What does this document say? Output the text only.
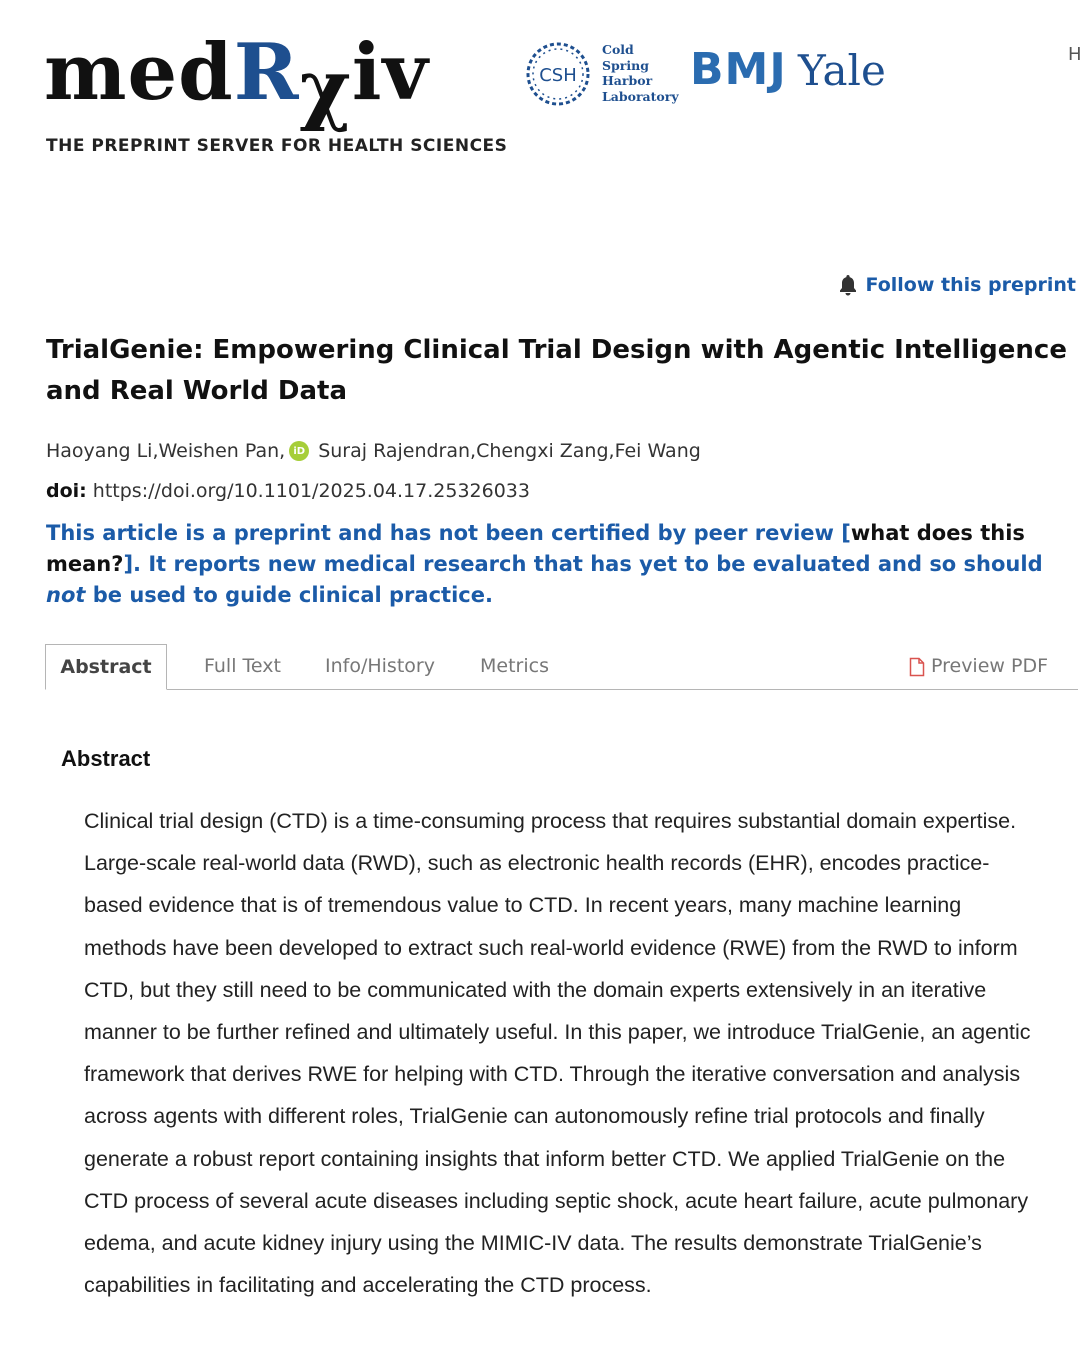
medRχiv
THE PREPRINT SERVER FOR HEALTH SCIENCES
CSH
Cold
Spring
Harbor
Laboratory
BMJ Yale	H
Follow this preprint
TrialGenie: Empowering Clinical Trial Design with Agentic Intelligence and Real World Data
Haoyang Li, Weishen Pan, iD Suraj Rajendran, Chengxi Zang, Fei Wang
doi: https://doi.org/10.1101/2025.04.17.25326033
This article is a preprint and has not been certified by peer review [what does this mean?]. It reports new medical research that has yet to be evaluated and so should not be used to guide clinical practice.
Abstract	Full Text Info/History Metrics	Preview PDF
Abstract
Clinical trial design (CTD) is a time-consuming process that requires substantial domain expertise. Large-scale real-world data (RWD), such as electronic health records (EHR), encodes practice-based evidence that is of tremendous value to CTD. In recent years, many machine learning methods have been developed to extract such real-world evidence (RWE) from the RWD to inform CTD, but they still need to be communicated with the domain experts extensively in an iterative manner to be further refined and ultimately useful. In this paper, we introduce TrialGenie, an agentic framework that derives RWE for helping with CTD. Through the iterative conversation and analysis across agents with different roles, TrialGenie can autonomously refine trial protocols and finally generate a robust report containing insights that inform better CTD. We applied TrialGenie on the CTD process of several acute diseases including septic shock, acute heart failure, acute pulmonary edema, and acute kidney injury using the MIMIC-IV data. The results demonstrate TrialGenie’s capabilities in facilitating and accelerating the CTD process.
